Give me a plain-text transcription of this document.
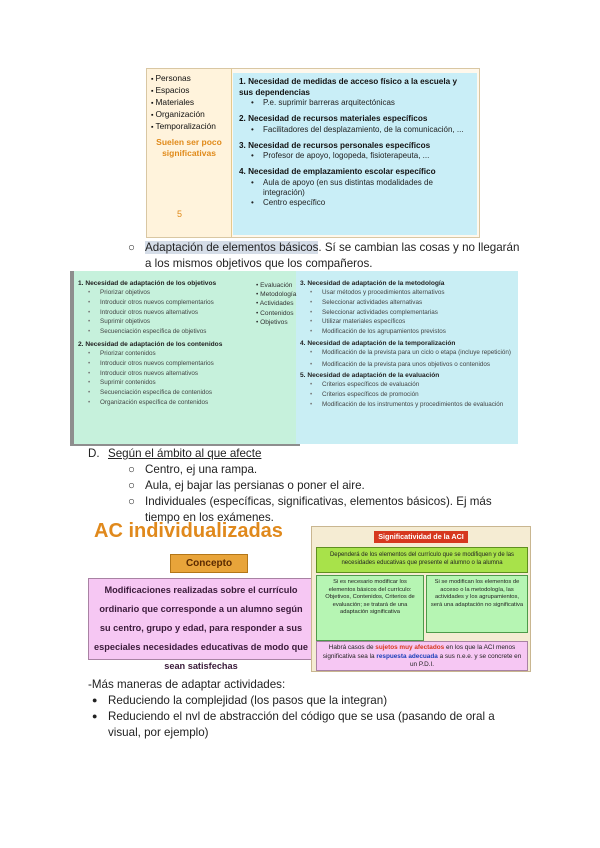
▪ Personas
▪ Espacios
▪ Materiales
▪ Organización
▪ Temporalización
Suelen ser poco significativas
5
1. Necesidad de medidas de acceso físico a la escuela y sus dependencias
• P.e. suprimir barreras arquitectónicas
2. Necesidad de recursos materiales específicos
• Facilitadores del desplazamiento, de la comunicación, ...
3. Necesidad de recursos personales específicos
• Profesor de apoyo, logopeda, fisioterapeuta, ...
4. Necesidad de emplazamiento escolar específico
• Aula de apoyo (en sus distintas modalidades de integración)
• Centro específico
○ Adaptación de elementos básicos. Sí se cambian las cosas y no llegarán a los mismos objetivos que los compañeros.
1. Necesidad de adaptación de los objetivos
• Priorizar objetivos
• Introducir otros nuevos complementarios
• Introducir otros nuevos alternativos
• Suprimir objetivos
• Secuenciación específica de objetivos
2. Necesidad de adaptación de los contenidos
• Priorizar contenidos
• Introducir otros nuevos complementarios
• Introducir otros nuevos alternativos
• Suprimir contenidos
• Secuenciación específica de contenidos
• Organización específica de contenidos
3. Necesidad de adaptación de la metodología
• Usar métodos y procedimientos alternativos
• Seleccionar actividades alternativas
• Seleccionar actividades complementarias
• Utilizar materiales específicos
• Modificación de los agrupamientos previstos
4. Necesidad de adaptación de la temporalización
• Modificación de la prevista para un ciclo o etapa (incluye repetición)
• Modificación de la prevista para unos objetivos o contenidos
5. Necesidad de adaptación de la evaluación
• Criterios específicos de evaluación
• Criterios específicos de promoción
• Modificación de los instrumentos y procedimientos de evaluación
• Evaluación
• Metodología
• Actividades
• Contenidos
• Objetivos
D. Según el ámbito al que afecte
○ Centro, ej una rampa.
○ Aula, ej bajar las persianas o poner el aire.
○ Individuales (específicas, significativas, elementos básicos). Ej más tiempo en los exámenes.
AC individualizadas
Concepto
Modificaciones realizadas sobre el currículo ordinario que corresponde a un alumno según su centro, grupo y edad, para responder a sus especiales necesidades educativas de modo que sean satisfechas
Significatividad de la ACI
Dependerá de los elementos del currículo que se modifiquen y de las necesidades educativas que presente el alumno o la alumna
Si es necesario modificar los elementos básicos del currículo: Objetivos, Contenidos, Criterios de evaluación; se tratará de una adaptación significativa
Si se modifican los elementos de acceso o la metodología, las actividades y los agrupamientos, será una adaptación no significativa
Habrá casos de sujetos muy afectados en los que la ACI menos significativa sea la respuesta adecuada a sus n.e.e. y se concrete en un P.D.I.
-Más maneras de adaptar actividades:
● Reduciendo la complejidad (los pasos que la integran)
● Reduciendo el nvl de abstracción del código que se usa (pasando de oral a visual, por ejemplo)
